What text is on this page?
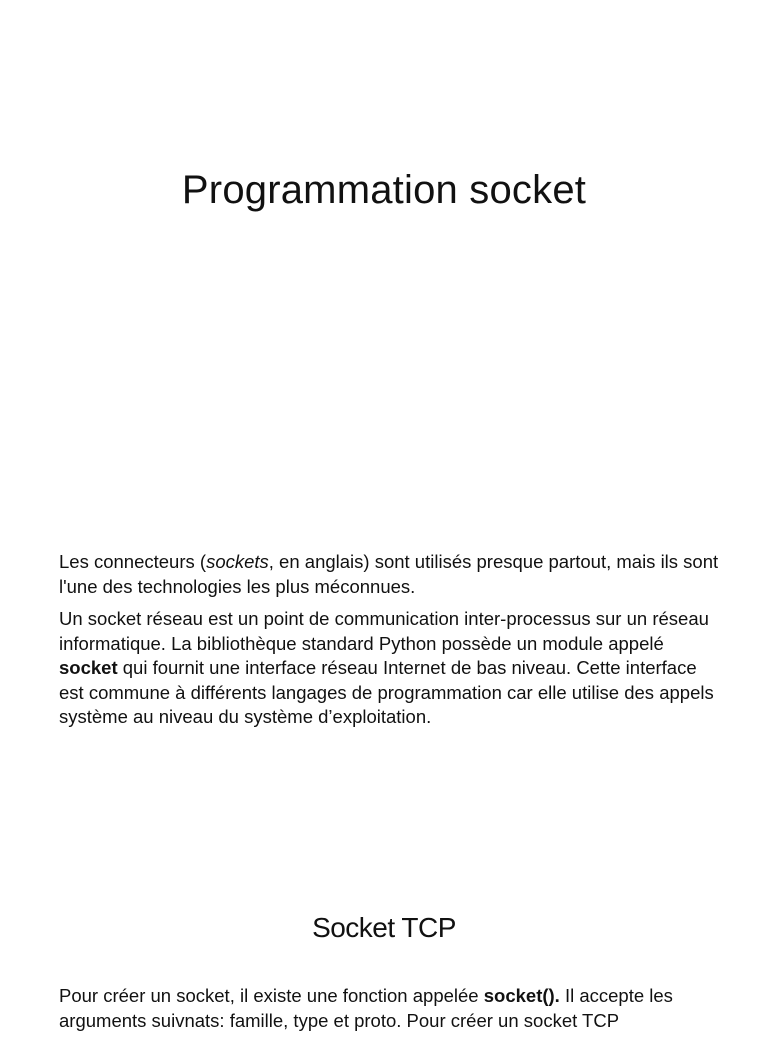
Programmation socket

Les connecteurs (sockets, en anglais) sont utilisés presque partout, mais ils sont l'une des technologies les plus méconnues.

Un socket réseau est un point de communication inter-processus sur un réseau informatique. La bibliothèque standard Python possède un module appelé socket qui fournit une interface réseau Internet de bas niveau. Cette interface est commune à différents langages de programmation car elle utilise des appels système au niveau du système d’exploitation.

Socket TCP

Pour créer un socket, il existe une fonction appelée socket(). Il accepte les arguments suivnats: famille, type et proto. Pour créer un socket TCP
